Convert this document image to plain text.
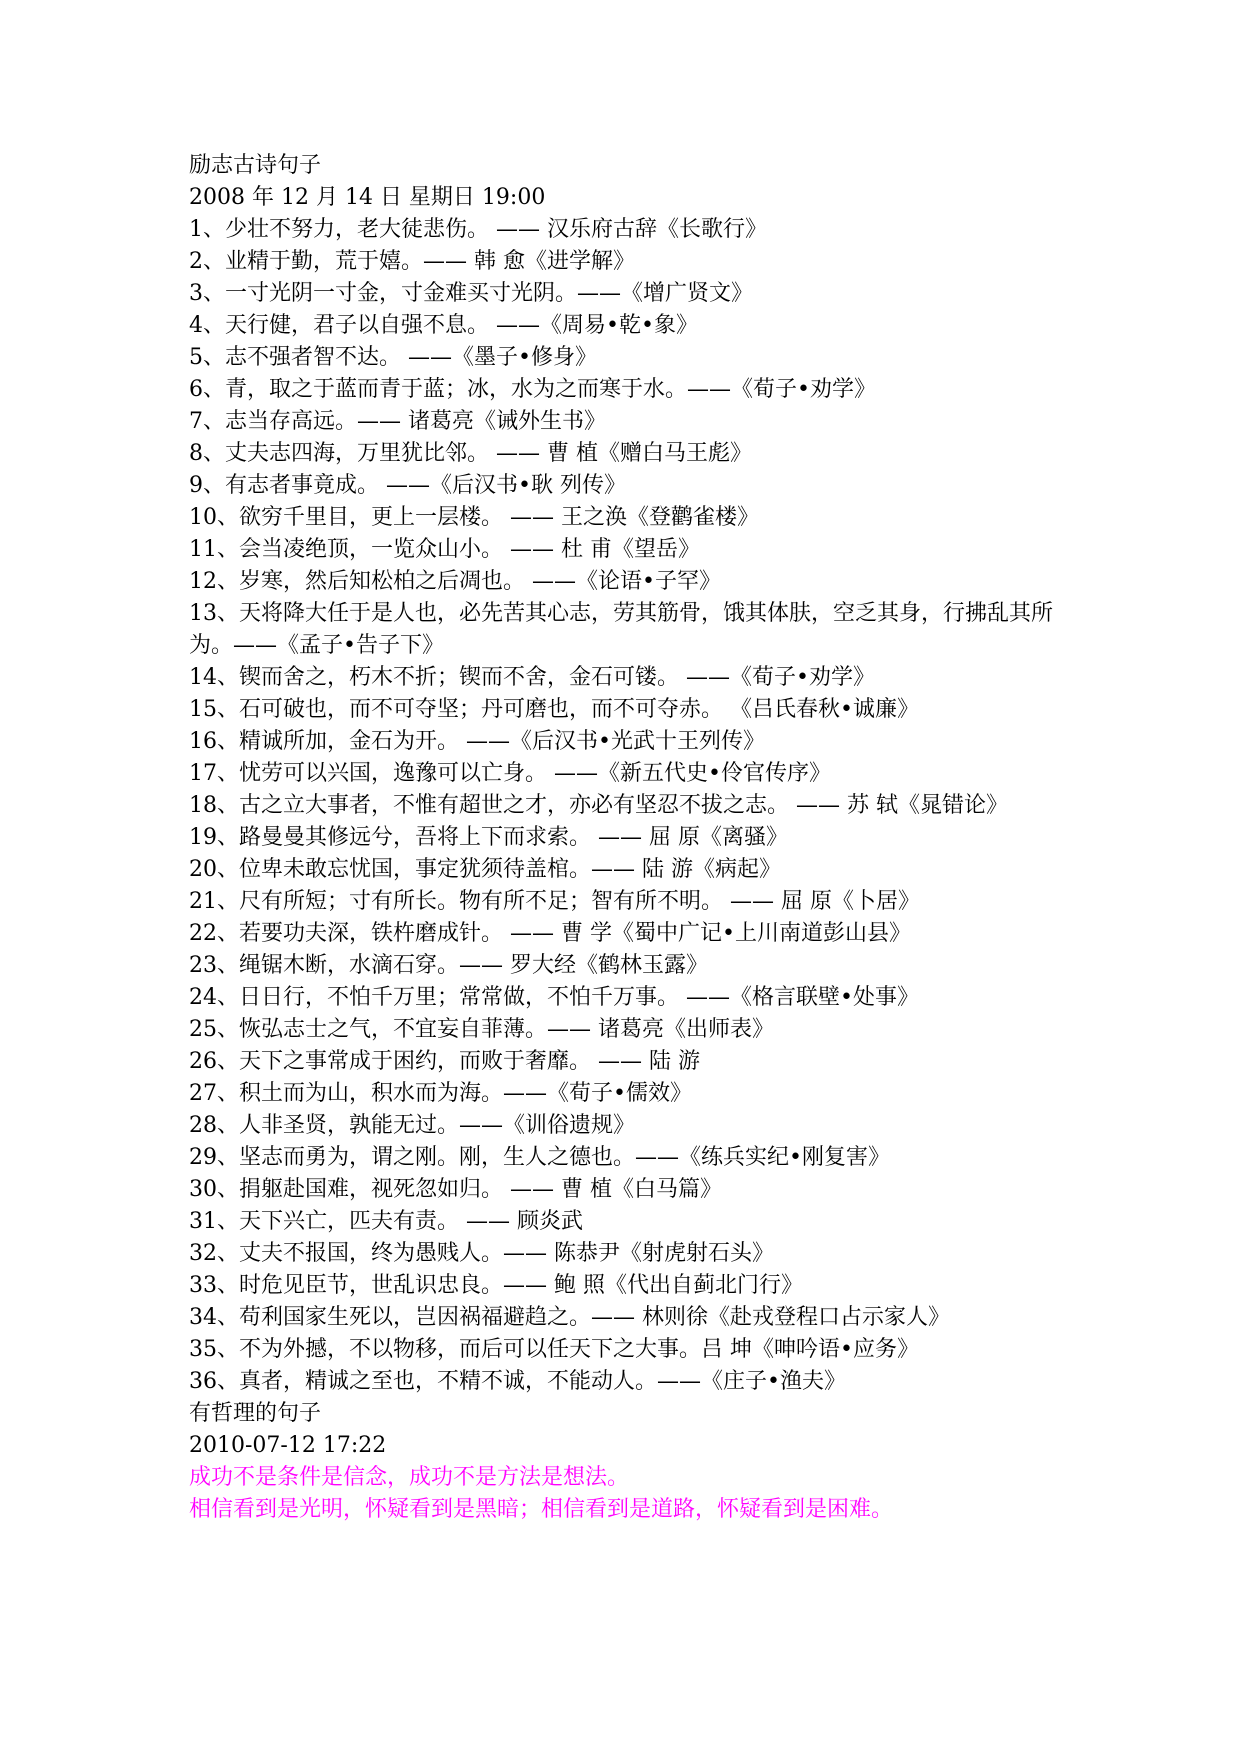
励志古诗句子
2008 年 12 月 14 日 星期日 19:00
1、少壮不努力，老大徒悲伤。 —— 汉乐府古辞《长歌行》
2、业精于勤，荒于嬉。—— 韩 愈《进学解》
3、一寸光阴一寸金，寸金难买寸光阴。——《增广贤文》
4、天行健，君子以自强不息。 ——《周易•乾•象》
5、志不强者智不达。 ——《墨子•修身》
6、青，取之于蓝而青于蓝；冰，水为之而寒于水。——《荀子•劝学》
7、志当存高远。—— 诸葛亮《诫外生书》
8、丈夫志四海，万里犹比邻。 —— 曹 植《赠白马王彪》
9、有志者事竟成。 ——《后汉书•耿 列传》
10、欲穷千里目，更上一层楼。 —— 王之涣《登鹳雀楼》
11、会当凌绝顶，一览众山小。 —— 杜 甫《望岳》
12、岁寒，然后知松柏之后凋也。 ——《论语•子罕》
13、天将降大任于是人也，必先苦其心志，劳其筋骨，饿其体肤，空乏其身，行拂乱其所为。——《孟子•告子下》
14、锲而舍之，朽木不折；锲而不舍，金石可镂。 ——《荀子•劝学》
15、石可破也，而不可夺坚；丹可磨也，而不可夺赤。 《吕氏春秋•诚廉》
16、精诚所加，金石为开。 ——《后汉书•光武十王列传》
17、忧劳可以兴国，逸豫可以亡身。 ——《新五代史•伶官传序》
18、古之立大事者，不惟有超世之才，亦必有坚忍不拔之志。 —— 苏 轼《晁错论》
19、路曼曼其修远兮，吾将上下而求索。 —— 屈 原《离骚》
20、位卑未敢忘忧国，事定犹须待盖棺。—— 陆 游《病起》
21、尺有所短；寸有所长。物有所不足；智有所不明。 —— 屈 原《卜居》
22、若要功夫深，铁杵磨成针。 —— 曹 学《蜀中广记•上川南道彭山县》
23、绳锯木断，水滴石穿。—— 罗大经《鹤林玉露》
24、日日行，不怕千万里；常常做，不怕千万事。 ——《格言联壁•处事》
25、恢弘志士之气，不宜妄自菲薄。—— 诸葛亮《出师表》
26、天下之事常成于困约，而败于奢靡。 —— 陆 游
27、积土而为山，积水而为海。——《荀子•儒效》
28、人非圣贤，孰能无过。——《训俗遗规》
29、坚志而勇为，谓之刚。刚，生人之德也。——《练兵实纪•刚复害》
30、捐躯赴国难，视死忽如归。 —— 曹 植《白马篇》
31、天下兴亡，匹夫有责。 —— 顾炎武
32、丈夫不报国，终为愚贱人。—— 陈恭尹《射虎射石头》
33、时危见臣节，世乱识忠良。—— 鲍 照《代出自蓟北门行》
34、苟利国家生死以，岂因祸福避趋之。—— 林则徐《赴戎登程口占示家人》
35、不为外撼，不以物移，而后可以任天下之大事。吕 坤《呻吟语•应务》
36、真者，精诚之至也，不精不诚，不能动人。——《庄子•渔夫》
有哲理的句子
2010-07-12 17:22
成功不是条件是信念，成功不是方法是想法。
相信看到是光明，怀疑看到是黑暗；相信看到是道路，怀疑看到是困难。
